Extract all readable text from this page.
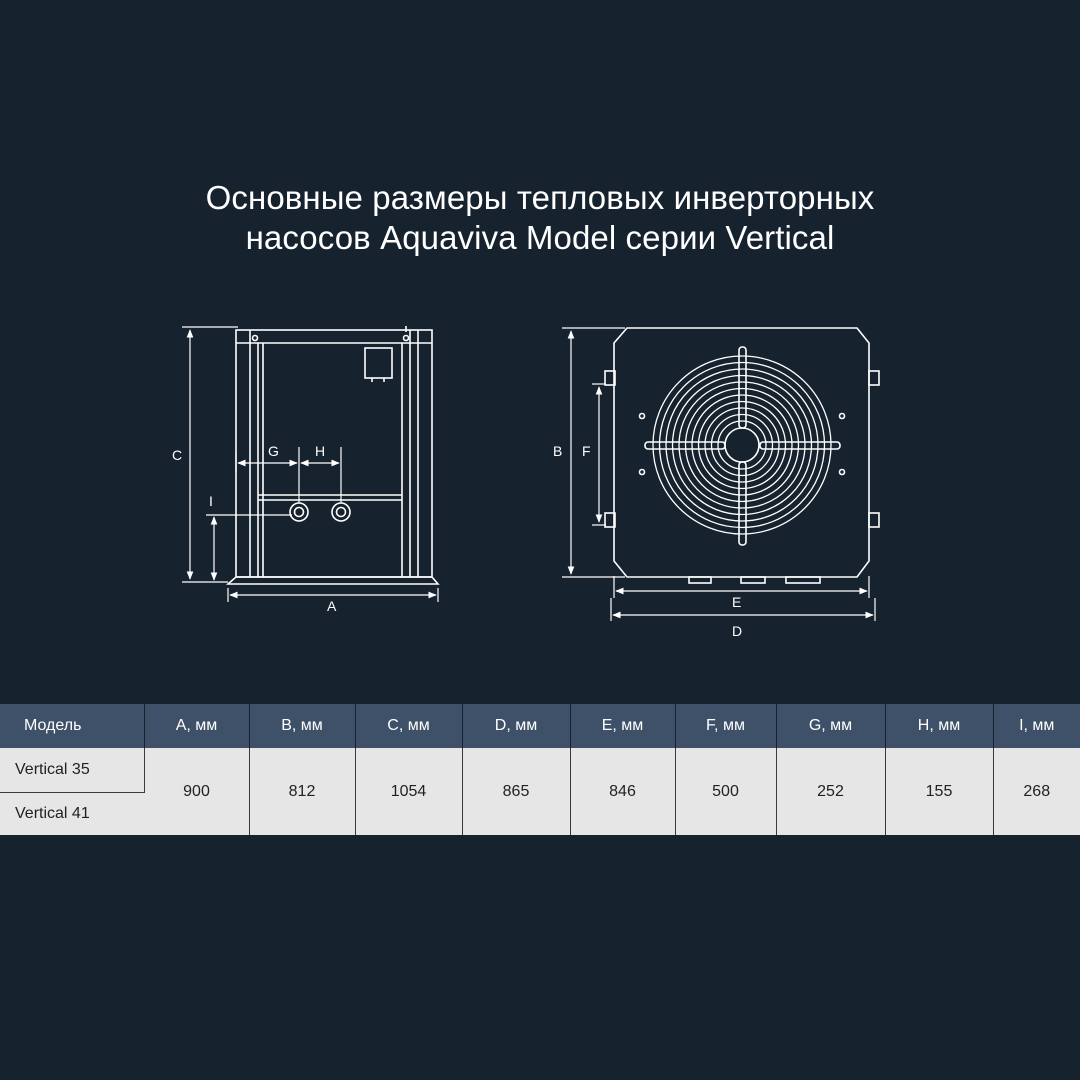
Основные размеры тепловых инверторных
насосов Aquaviva Model серии Vertical
C
I
A
G	H	B F
E
D
Модель	A, мм	B, мм	C, мм	D, мм	E, мм	F, мм	G, мм	H, мм	I, мм
Vertical 35	900	812	1054	865	846	500	252	155	268
Vertical 41									
